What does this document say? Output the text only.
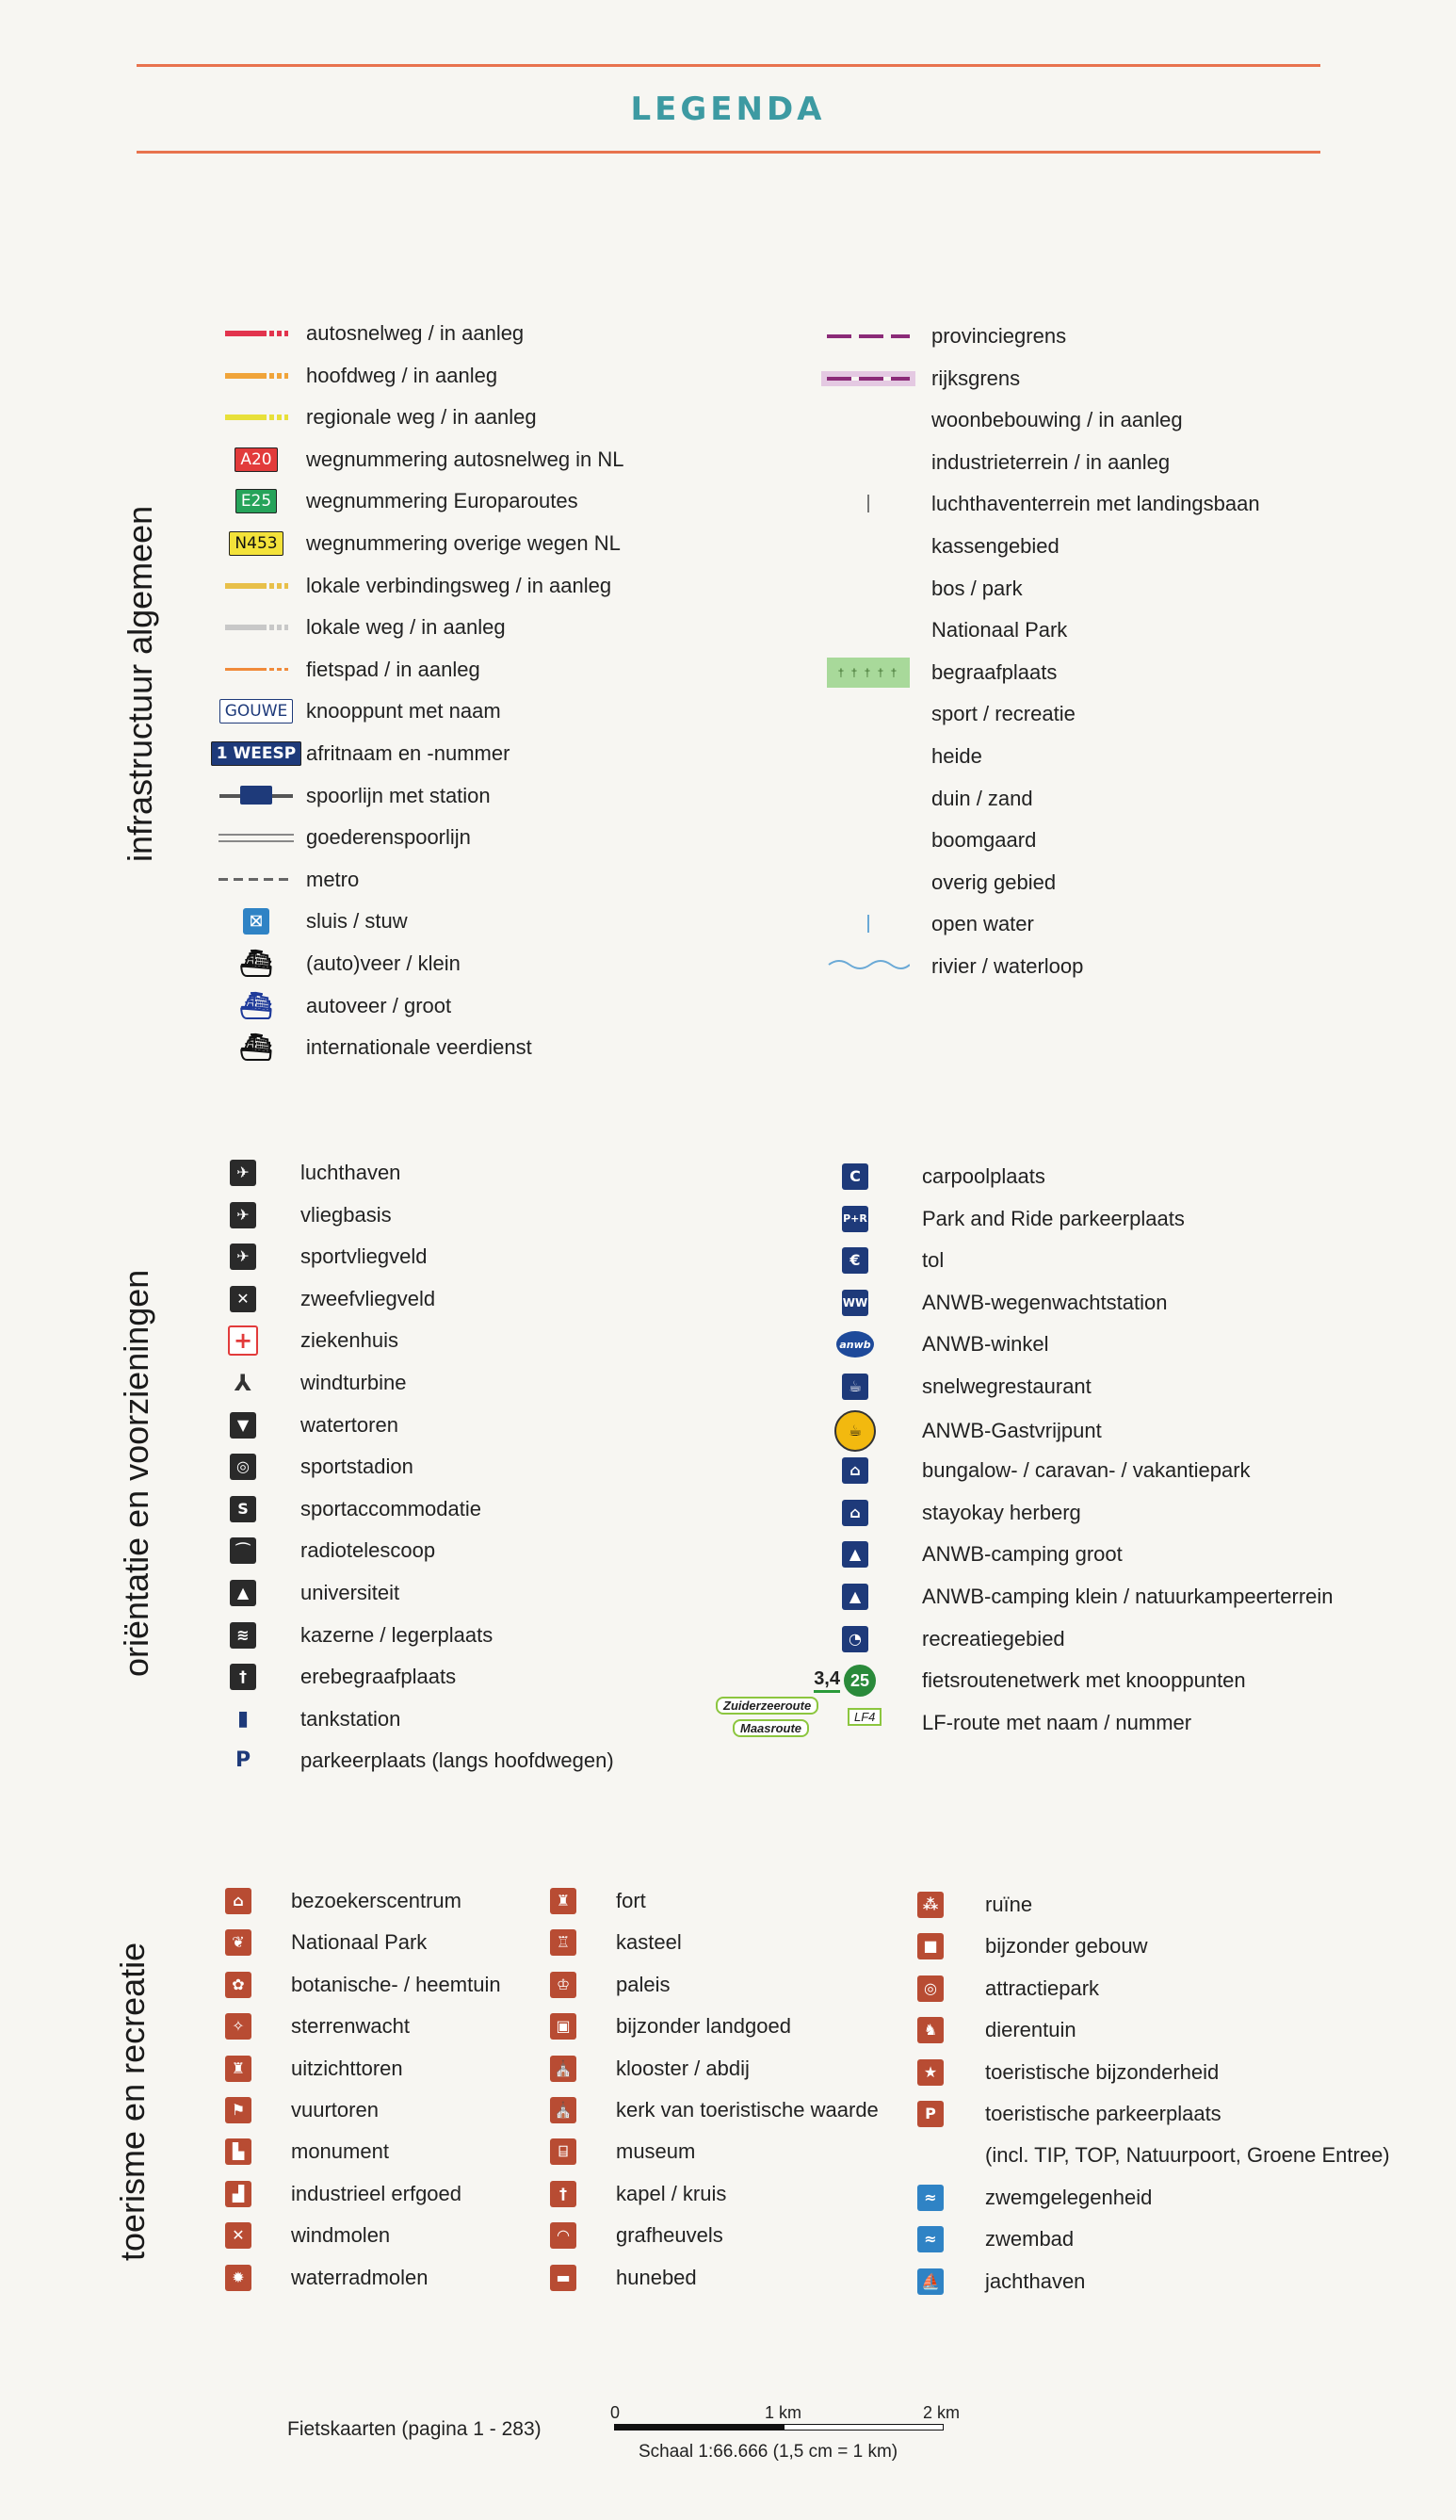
LEGENDA
infrastructuur algemeen
oriëntatie en voorzieningen
toerisme en recreatie
autosnelweg / in aanleg
hoofdweg / in aanleg
regionale weg / in aanleg
A20 wegnummering autosnelweg in NL
E25 wegnummering Europaroutes
N453 wegnummering overige wegen NL
lokale verbindingsweg / in aanleg
lokale weg / in aanleg
fietspad / in aanleg
GOUWE knooppunt met naam
1 WEESP afritnaam en -nummer
spoorlijn met station
goederenspoorlijn
metro
⛝	sluis / stuw
⛴	(auto)veer / klein
⛴	autoveer / groot
⛴	internationale veerdienst
provinciegrens
rijksgrens
woonbebouwing / in aanleg
industrieterrein / in aanleg
luchthaventerrein met landingsbaan
kassengebied
bos / park
Nationaal Park
† † † † †	begraafplaats
sport / recreatie
heide
duin / zand
boomgaard
overig gebied
open water
rivier / waterloop
✈	luchthaven
✈	vliegbasis
✈	sportvliegveld
✕	zweefvliegveld
+ ziekenhuis
⅄ windturbine
▼	watertoren
◎	sportstadion
S	sportaccommodatie
⌒ radiotelescoop
▲	universiteit
≋	kazerne / legerplaats
†	erebegraafplaats
▮	tankstation
P parkeerplaats (langs hoofdwegen)
C	carpoolplaats
P+R	Park and Ride parkeerplaats
€	tol
WW	ANWB-wegenwachtstation
anwb ANWB-winkel
☕	snelwegrestaurant
☕	ANWB-Gastvrijpunt
⌂	bungalow- / caravan- / vakantiepark
⌂	stayokay herberg
▲	ANWB-camping groot
▲	ANWB-camping klein / natuurkampeerterrein
◔	recreatiegebied
3,4 25	fietsroutenetwerk met knooppunten
Zuiderzeeroute
Maasroute
LF4	LF-route met naam / nummer
⌂	bezoekerscentrum
❦	Nationaal Park
✿	botanische- / heemtuin
✧	sterrenwacht
♜	uitzichttoren
⚑	vuurtoren
▙	monument
▟	industrieel erfgoed
✕	windmolen
✹	waterradmolen
♜	fort
♖	kasteel
♔	paleis
▣ bijzonder landgoed
⛪ klooster / abdij
⛪ kerk van toeristische waarde
⌸	museum
†	kapel / kruis
◠	grafheuvels
▬ hunebed
⁂ ruïne
■ bijzonder gebouw
◎	attractiepark
♞	dierentuin
★	toeristische bijzonderheid
P	toeristische parkeerplaats
(incl. TIP, TOP, Natuurpoort, Groene Entree)
≈	zwemgelegenheid
≈	zwembad
⛵ jachthaven
Fietskaarten (pagina 1 - 283)
0	1 km	2 km
Schaal 1:66.666 (1,5 cm = 1 km)
